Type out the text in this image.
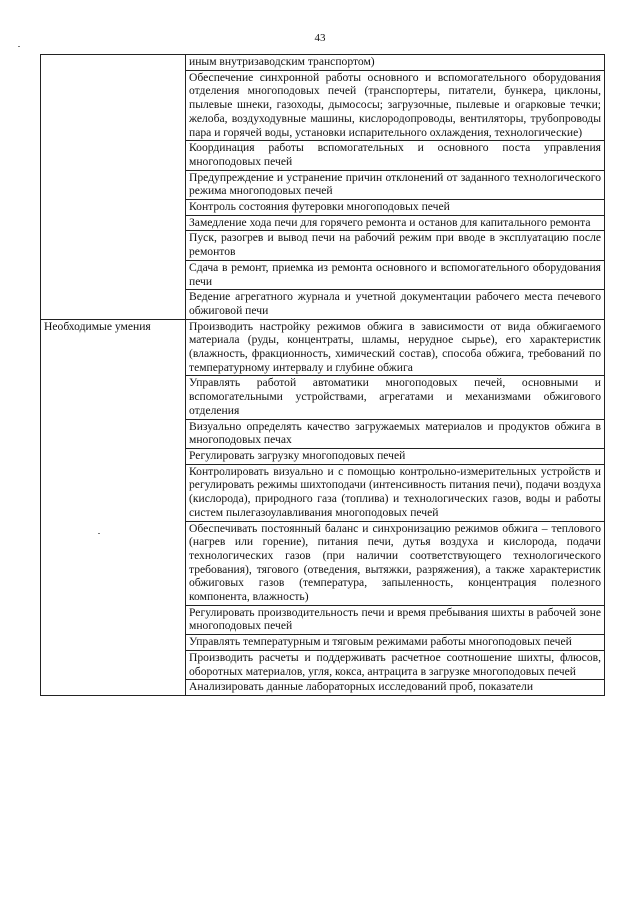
43
	иным внутризаводским транспортом)
	Обеспечение синхронной работы основного и вспомогательного оборудования отделения многоподовых печей (транспортеры, питатели, бункера, циклоны, пылевые шнеки, газоходы, дымососы; загрузочные, пылевые и огарковые течки; желоба, воздуходувные машины, кислородопроводы, вентиляторы, трубопроводы пара и горячей воды, установки испарительного охлаждения, технологические)
	Координация работы вспомогательных и основного поста управления многоподовых печей
	Предупреждение и устранение причин отклонений от заданного технологического режима многоподовых печей
	Контроль состояния футеровки многоподовых печей
	Замедление хода печи для горячего ремонта и останов для капитального ремонта
	Пуск, разогрев и вывод печи на рабочий режим при вводе в эксплуатацию после ремонтов
	Сдача в ремонт, приемка из ремонта основного и вспомогательного оборудования печи
	Ведение агрегатного журнала и учетной документации рабочего места печевого обжиговой печи
Необходимые умения	Производить настройку режимов обжига в зависимости от вида обжигаемого материала (руды, концентраты, шламы, нерудное сырье), его характеристик (влажность, фракционность, химический состав), способа обжига, требований по температурному интервалу и глубине обжига
	Управлять работой автоматики многоподовых печей, основными и вспомогательными устройствами, агрегатами и механизмами обжигового отделения
	Визуально определять качество загружаемых материалов и продуктов обжига в многоподовых печах
	Регулировать загрузку многоподовых печей
	Контролировать визуально и с помощью контрольно-измерительных устройств и регулировать режимы шихтоподачи (интенсивность питания печи), подачи воздуха (кислорода), природного газа (топлива) и технологических газов, воды и работы систем пылегазоулавливания многоподовых печей
	Обеспечивать постоянный баланс и синхронизацию режимов обжига – теплового (нагрев или горение), питания печи, дутья воздуха и кислорода, подачи технологических газов (при наличии соответствующего технологического требования), тягового (отведения, вытяжки, разряжения), а также характеристик обжиговых газов (температура, запыленность, концентрация полезного компонента, влажность)
	Регулировать производительность печи и время пребывания шихты в рабочей зоне многоподовых печей
	Управлять температурным и тяговым режимами работы многоподовых печей
	Производить расчеты и поддерживать расчетное соотношение шихты, флюсов, оборотных материалов, угля, кокса, антрацита в загрузке многоподовых печей
	Анализировать данные лабораторных исследований проб, показатели
